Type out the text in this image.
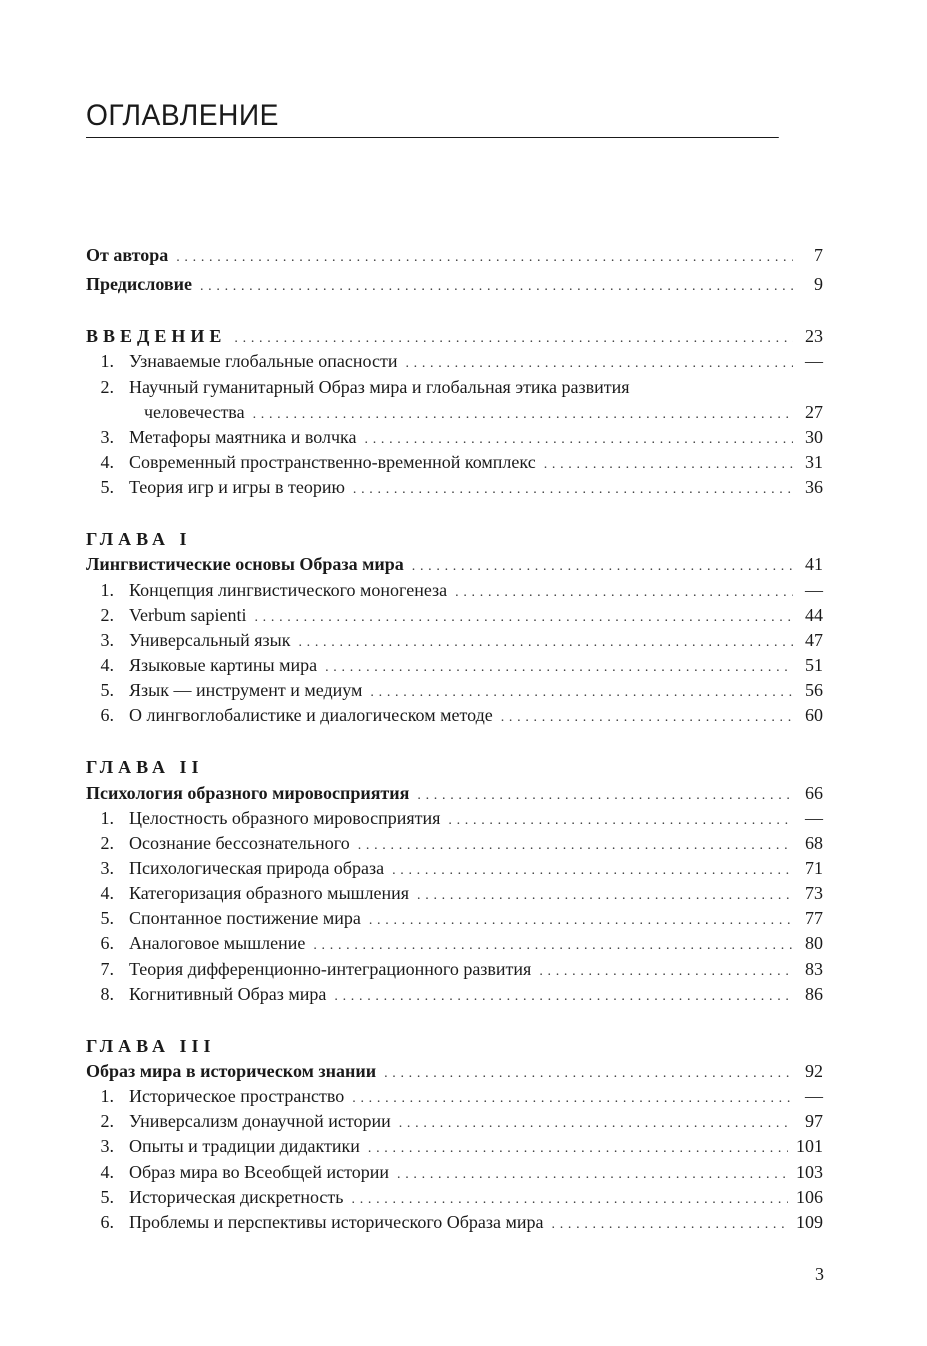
ОГЛАВЛЕНИЕ
От автора . . .	7
Предисловие . . .	9
ВВЕДЕНИЕ . . .	23
1. Узнаваемые глобальные опасности . . .	—
2. Научный гуманитарный Образ мира и глобальная этика развития
человечества . . .	27
3. Метафоры маятника и волчка . . .	30
4. Современный пространственно-временной комплекс . . .	31
5. Теория игр и игры в теорию . . .	36
ГЛАВА I
Лингвистические основы Образа мира . . .	41
1. Концепция лингвистического моногенеза . . .	—
2. Verbum sapienti . . .	44
3. Универсальный язык . . .	47
4. Языковые картины мира . . .	51
5. Язык — инструмент и медиум . . .	56
6. О лингвоглобалистике и диалогическом методе . . .	60
ГЛАВА II
Психология образного мировосприятия . . .	66
1. Целостность образного мировосприятия . . .	—
2. Осознание бессознательного . . .	68
3. Психологическая природа образа . . .	71
4. Категоризация образного мышления . . .	73
5. Спонтанное постижение мира . . .	77
6. Аналоговое мышление . . .	80
7. Теория дифференционно-интеграционного развития . . .	83
8. Когнитивный Образ мира . . .	86
ГЛАВА III
Образ мира в историческом знании . . .	92
1. Историческое пространство . . .	—
2. Универсализм донаучной истории . . .	97
3. Опыты и традиции дидактики . . .	101
4. Образ мира во Всеобщей истории . . .	103
5. Историческая дискретность . . .	106
6. Проблемы и перспективы исторического Образа мира . . .	109
3
